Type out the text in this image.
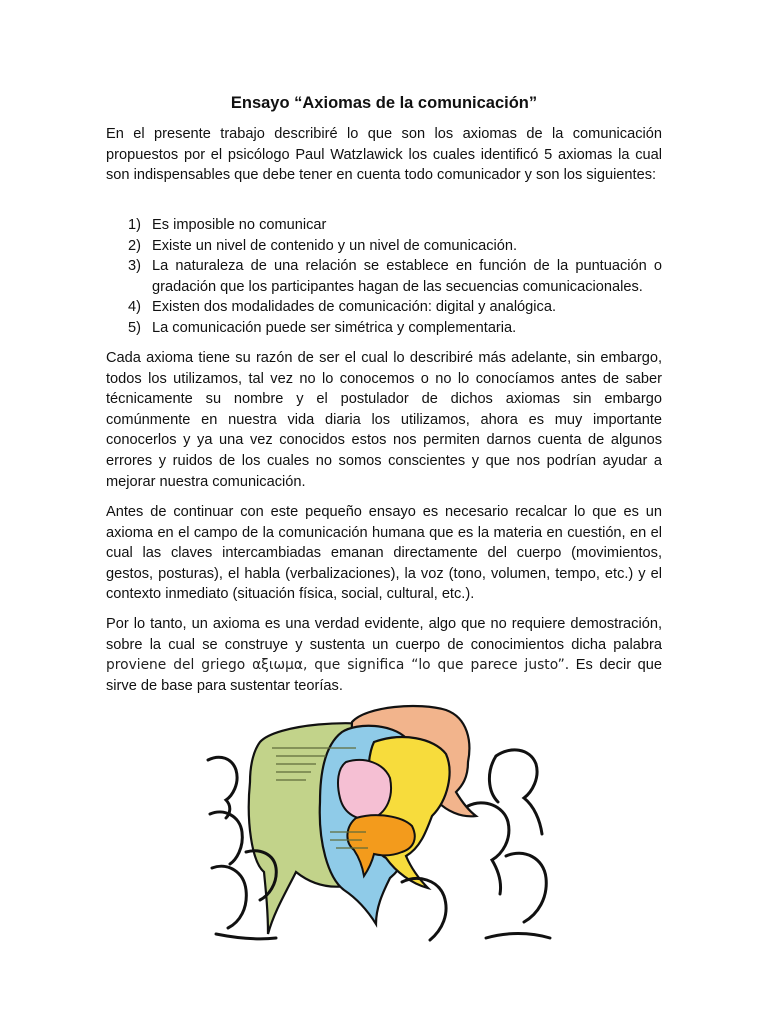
Ensayo “Axiomas de la comunicación”

En el presente trabajo describiré lo que son los axiomas de la comunicación propuestos por el psicólogo Paul Watzlawick los cuales identificó 5 axiomas la cual son indispensables que debe tener en cuenta todo comunicador y son los siguientes:

1) Es imposible no comunicar
2) Existe un nivel de contenido y un nivel de comunicación.
3) La naturaleza de una relación se establece en función de la puntuación o gradación que los participantes hagan de las secuencias comunicacionales.
4) Existen dos modalidades de comunicación: digital y analógica.
5) La comunicación puede ser simétrica y complementaria.

Cada axioma tiene su razón de ser el cual lo describiré más adelante, sin embargo, todos los utilizamos, tal vez no lo conocemos o no lo conocíamos antes de saber técnicamente su nombre y el postulador de dichos axiomas sin embargo comúnmente en nuestra vida diaria los utilizamos, ahora es muy importante conocerlos y ya una vez conocidos estos nos permiten darnos cuenta de algunos errores y ruidos de los cuales no somos conscientes y que nos podrían ayudar a mejorar nuestra comunicación.

Antes de continuar con este pequeño ensayo es necesario recalcar lo que es un axioma en el campo de la comunicación humana que es la materia en cuestión, en el cual las claves intercambiadas emanan directamente del cuerpo (movimientos, gestos, posturas), el habla (verbalizaciones), la voz (tono, volumen, tempo, etc.) y el contexto inmediato (situación física, social, cultural, etc.).

Por lo tanto, un axioma es una verdad evidente, algo que no requiere demostración, sobre la cual se construye y sustenta un cuerpo de conocimientos dicha palabra proviene del griego αξιωμα, que significa “lo que parece justo”. Es decir que sirve de base para sustentar teorías.
